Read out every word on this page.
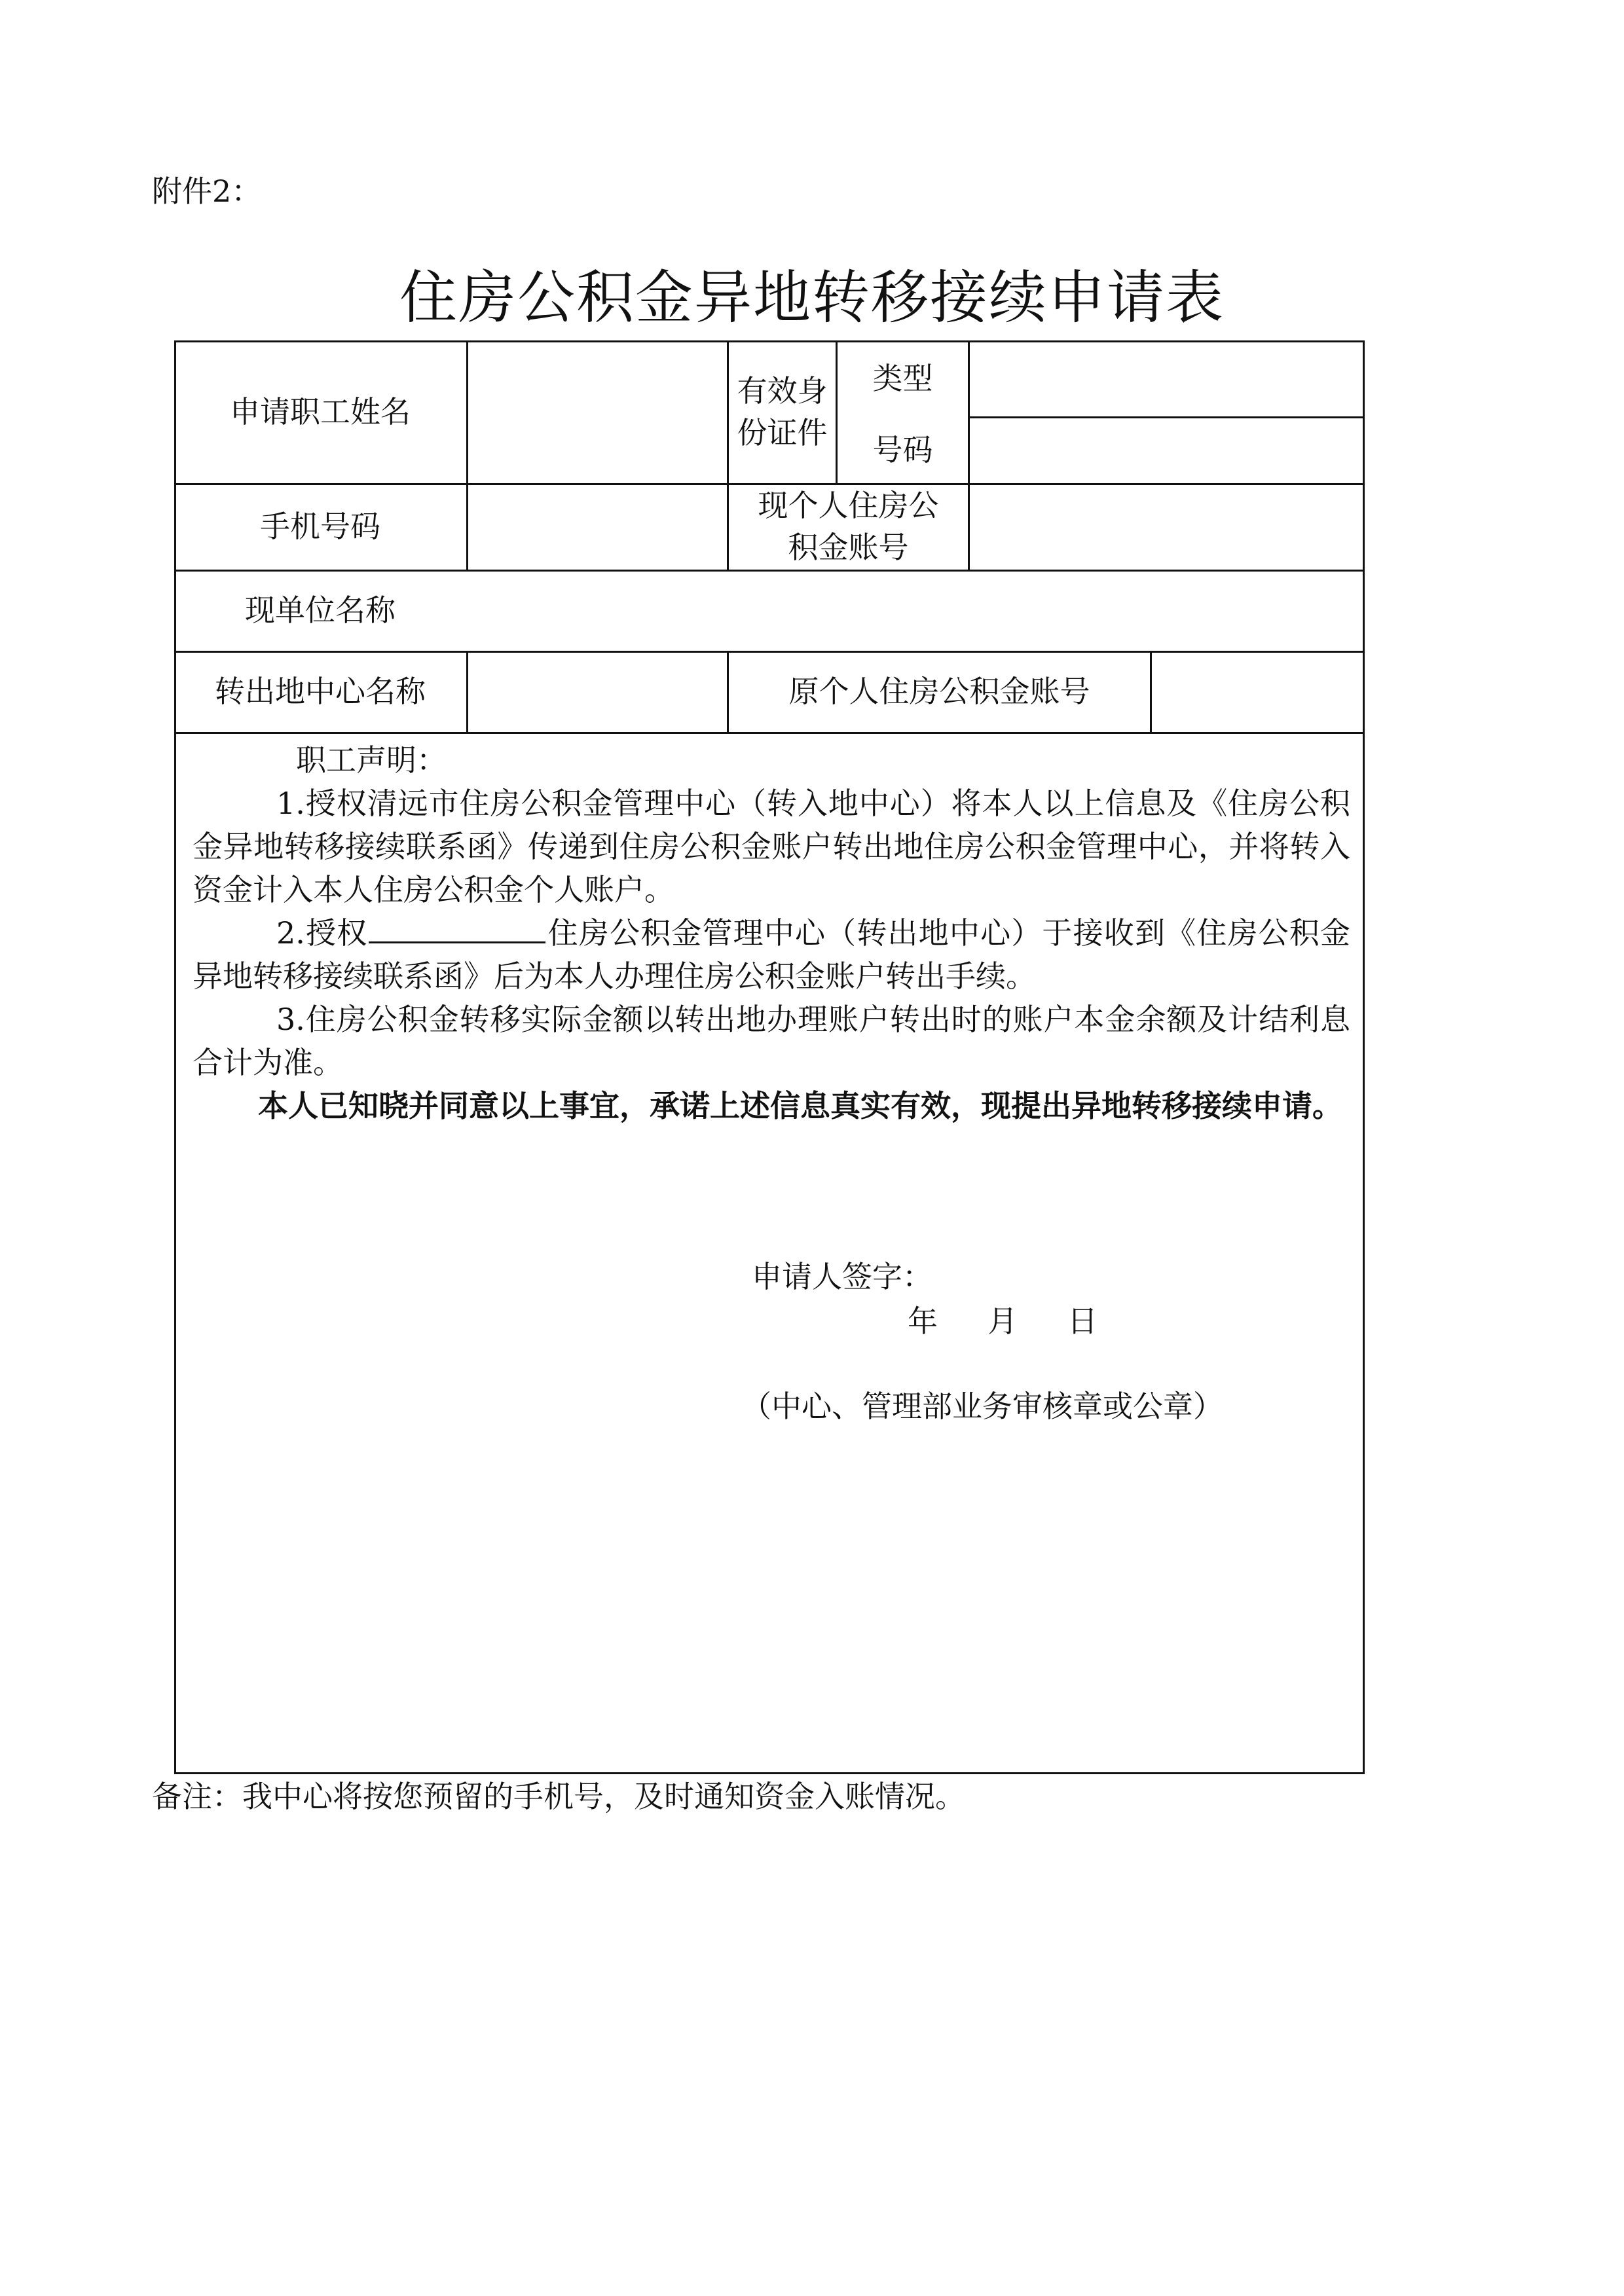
附件2：
住房公积金异地转移接续申请表
申请职工姓名
有效身
份证件
类型
号码
手机号码
现个人住房公
积金账号
现单位名称
转出地中心名称	原个人住房公积金账号

职工声明：

1.授权清远市住房公积金管理中心（转入地中心）将本人以上信息及《住房公积金异地转移接续联系函》传递到住房公积金账户转出地住房公积金管理中心，并将转入资金计入本人住房公积金个人账户。

2.授权	住房公积金管理中心（转出地中心）于接收到《住房公积金异地转移接续联系函》后为本人办理住房公积金账户转出手续。

3.住房公积金转移实际金额以转出地办理账户转出时的账户本金余额及计结利息合计为准。

本人已知晓并同意以上事宜，承诺上述信息真实有效，现提出异地转移接续申请。

申请人签字：
年 月 日
（中心、管理部业务审核章或公章）
备注：我中心将按您预留的手机号，及时通知资金入账情况。
